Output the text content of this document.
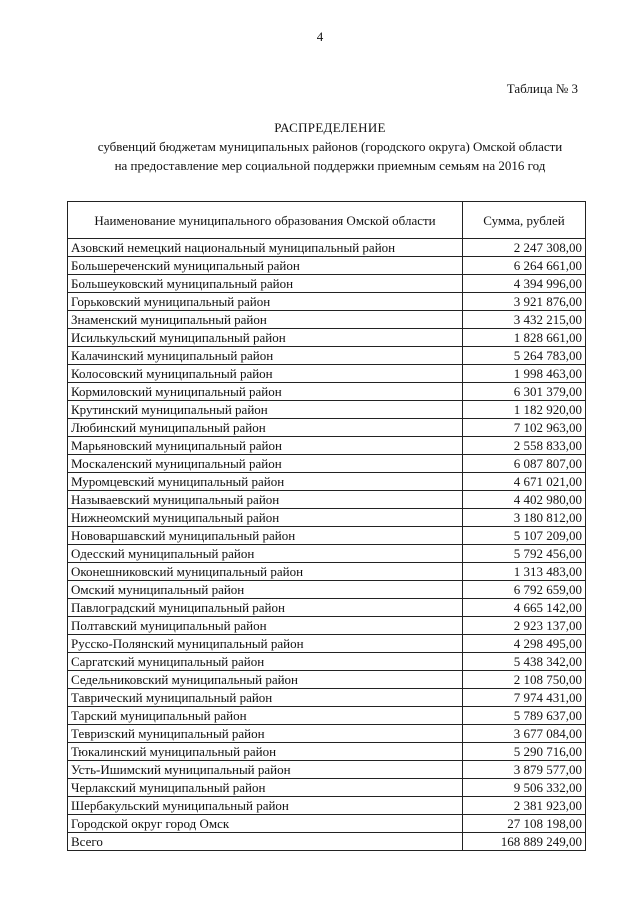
4
Таблица № 3
РАСПРЕДЕЛЕНИЕ
субвенций бюджетам муниципальных районов (городского округа) Омской области
на предоставление мер социальной поддержки приемным семьям на 2016 год
Наименование муниципального образования Омской области	Сумма, рублей
Азовский немецкий национальный муниципальный район	2 247 308,00
Большереченский муниципальный район	6 264 661,00
Большеуковский муниципальный район	4 394 996,00
Горьковский муниципальный район	3 921 876,00
Знаменский муниципальный район	3 432 215,00
Исилькульский муниципальный район	1 828 661,00
Калачинский муниципальный район	5 264 783,00
Колосовский муниципальный район	1 998 463,00
Кормиловский муниципальный район	6 301 379,00
Крутинский муниципальный район	1 182 920,00
Любинский муниципальный район	7 102 963,00
Марьяновский муниципальный район	2 558 833,00
Москаленский муниципальный район	6 087 807,00
Муромцевский муниципальный район	4 671 021,00
Называевский муниципальный район	4 402 980,00
Нижнеомский муниципальный район	3 180 812,00
Нововаршавский муниципальный район	5 107 209,00
Одесский муниципальный район	5 792 456,00
Оконешниковский муниципальный район	1 313 483,00
Омский муниципальный район	6 792 659,00
Павлоградский муниципальный район	4 665 142,00
Полтавский муниципальный район	2 923 137,00
Русско-Полянский муниципальный район	4 298 495,00
Саргатский муниципальный район	5 438 342,00
Седельниковский муниципальный район	2 108 750,00
Таврический муниципальный район	7 974 431,00
Тарский муниципальный район	5 789 637,00
Тевризский муниципальный район	3 677 084,00
Тюкалинский муниципальный район	5 290 716,00
Усть-Ишимский муниципальный район	3 879 577,00
Черлакский муниципальный район	9 506 332,00
Шербакульский муниципальный район	2 381 923,00
Городской округ город Омск	27 108 198,00
Всего	168 889 249,00
